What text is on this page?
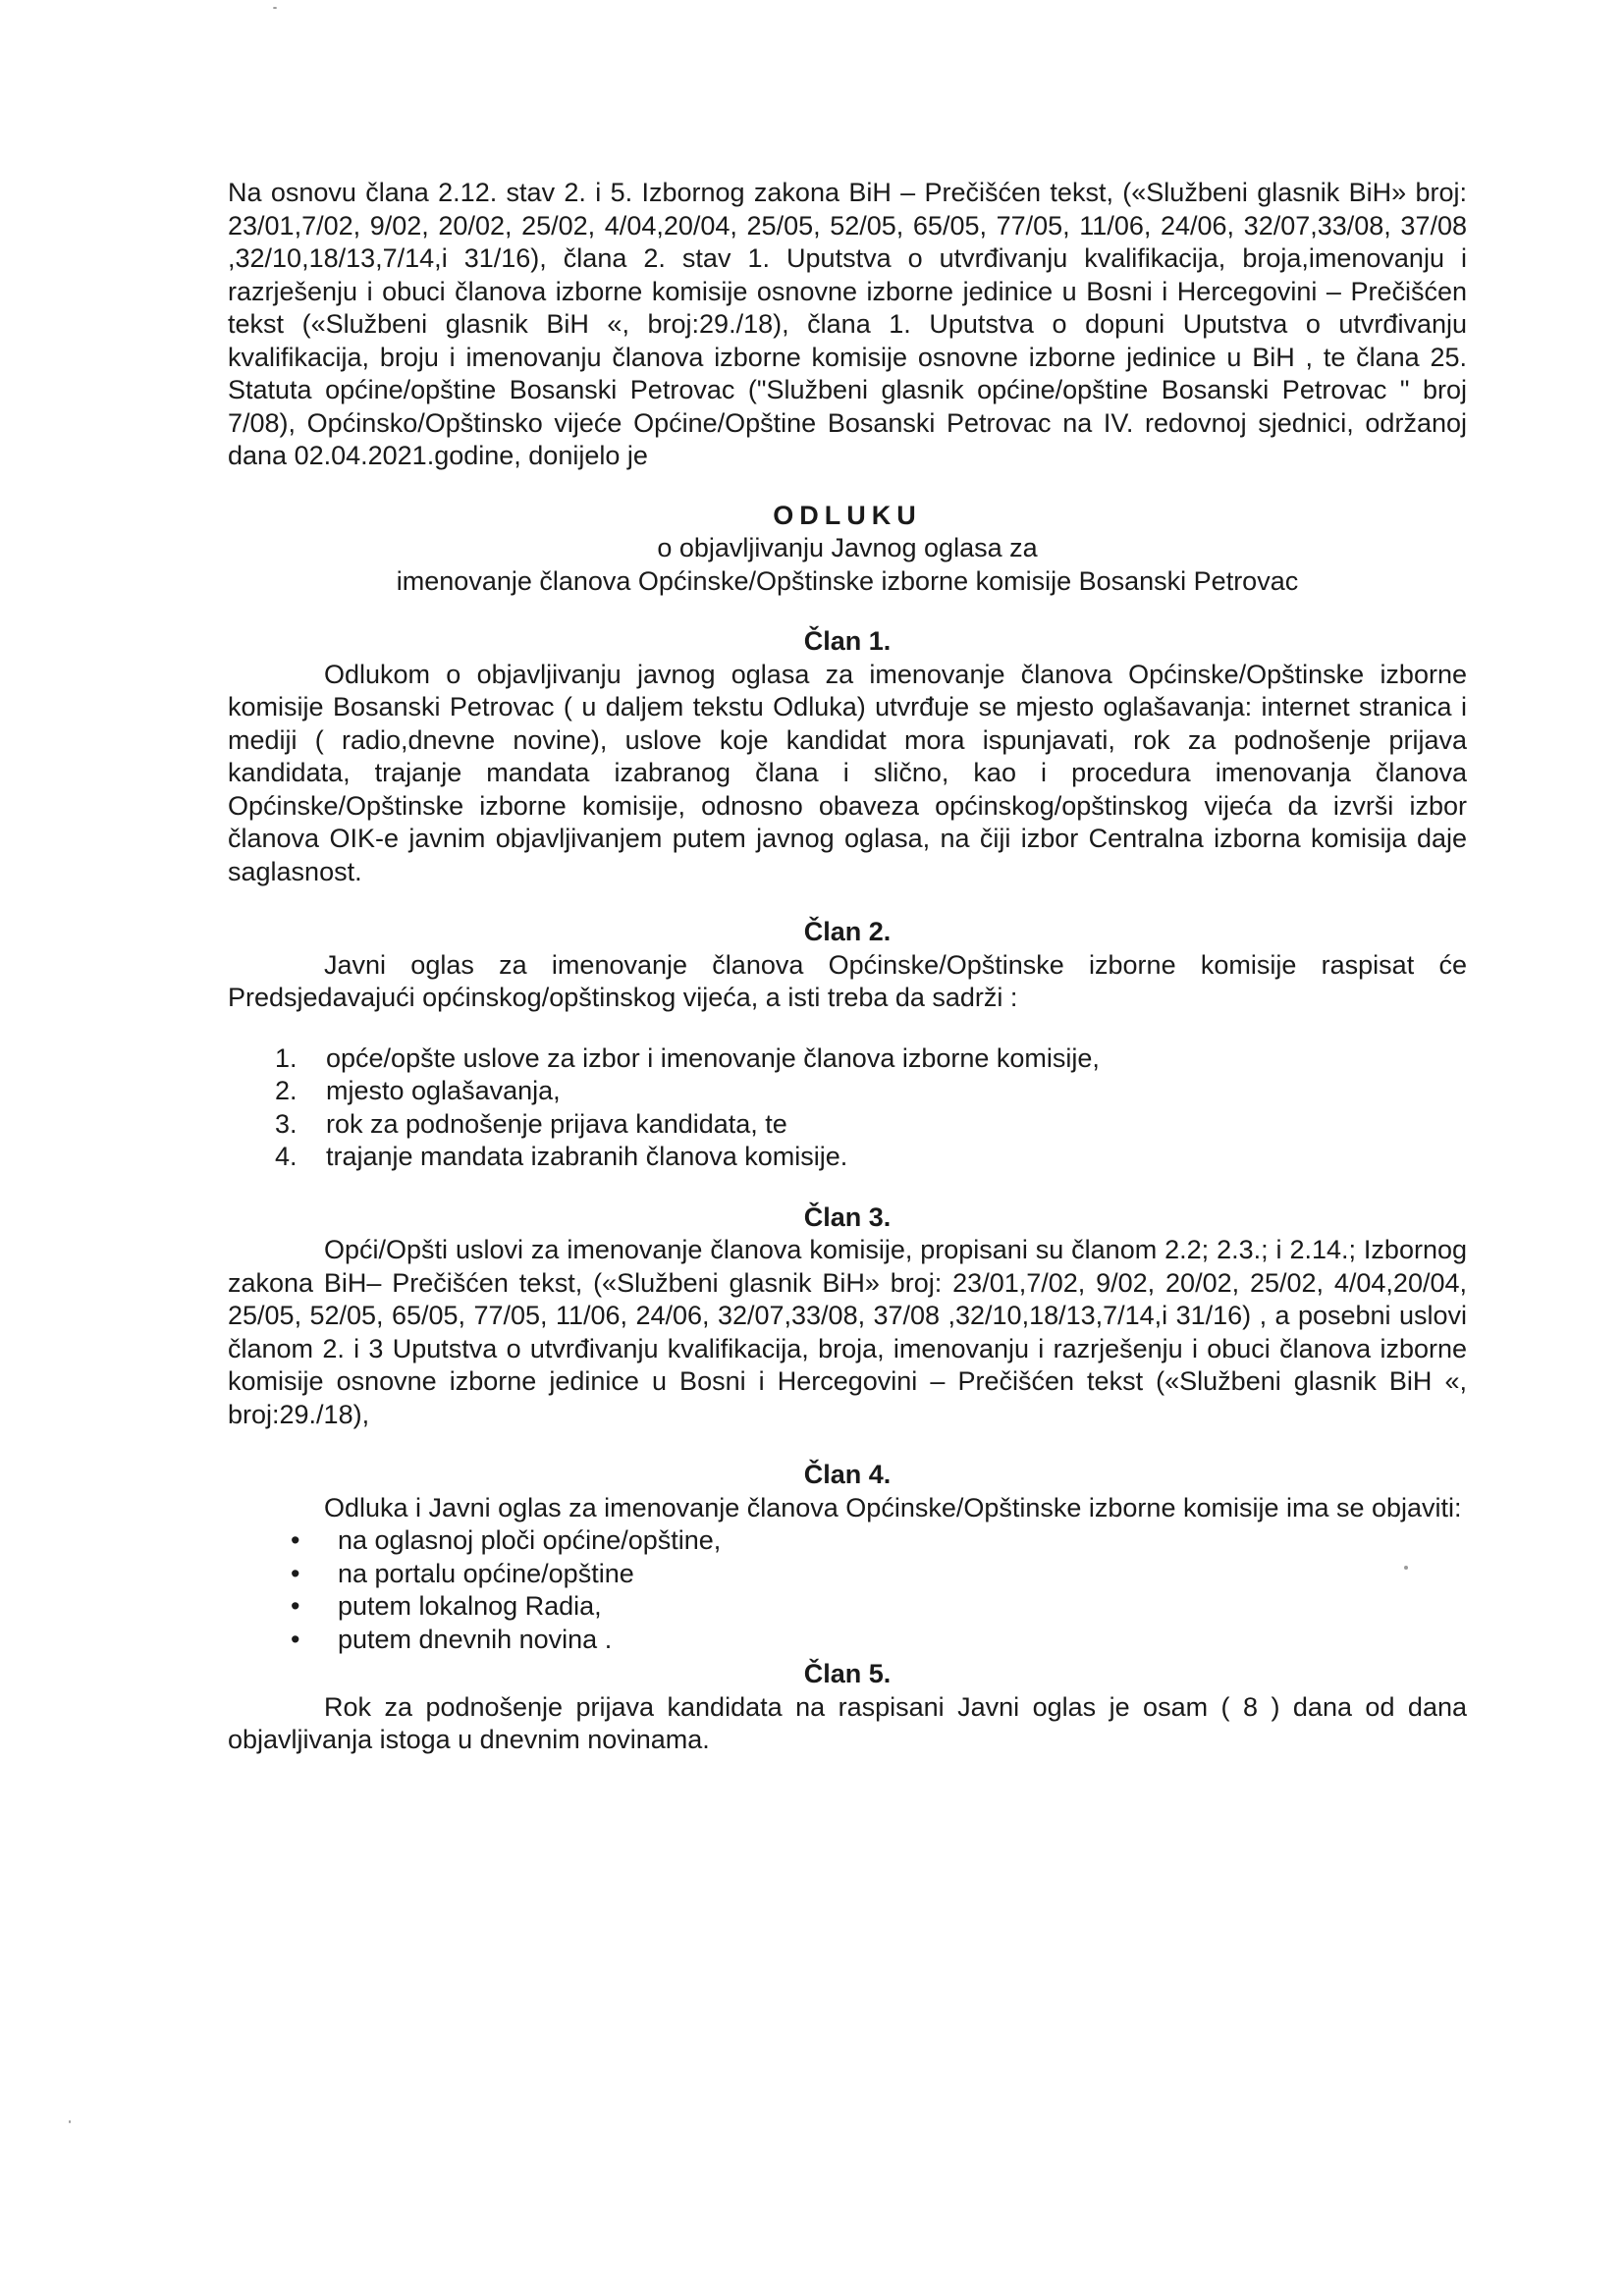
Na osnovu člana 2.12. stav 2. i 5. Izbornog zakona BiH – Prečišćen tekst, («Službeni glasnik BiH» broj: 23/01,7/02, 9/02, 20/02, 25/02, 4/04,20/04, 25/05, 52/05, 65/05, 77/05, 11/06, 24/06, 32/07,33/08, 37/08 ,32/10,18/13,7/14,i 31/16), člana 2. stav 1. Uputstva o utvrđivanju kvalifikacija, broja,imenovanju i razrješenju i obuci članova izborne komisije osnovne izborne jedinice u Bosni i Hercegovini – Prečišćen tekst («Službeni glasnik BiH «, broj:29./18), člana 1. Uputstva o dopuni Uputstva o utvrđivanju kvalifikacija, broju i imenovanju članova izborne komisije osnovne izborne jedinice u BiH , te člana 25. Statuta općine/opštine Bosanski Petrovac ("Službeni glasnik općine/opštine Bosanski Petrovac " broj 7/08), Općinsko/Opštinsko vijeće Općine/Opštine Bosanski Petrovac na IV. redovnoj sjednici, održanoj dana 02.04.2021.godine, donijelo je

ODLUKU
o objavljivanju Javnog oglasa za
imenovanje članova Općinske/Opštinske izborne komisije Bosanski Petrovac
Član 1.

Odlukom o objavljivanju javnog oglasa za imenovanje članova Općinske/Opštinske izborne komisije Bosanski Petrovac ( u daljem tekstu Odluka) utvrđuje se mjesto oglašavanja: internet stranica i mediji ( radio,dnevne novine), uslove koje kandidat mora ispunjavati, rok za podnošenje prijava kandidata, trajanje mandata izabranog člana i slično, kao i procedura imenovanja članova Općinske/Opštinske izborne komisije, odnosno obaveza općinskog/opštinskog vijeća da izvrši izbor članova OIK-e javnim objavljivanjem putem javnog oglasa, na čiji izbor Centralna izborna komisija daje saglasnost.

Član 2.

Javni oglas za imenovanje članova Općinske/Opštinske izborne komisije raspisat će Predsjedavajući općinskog/opštinskog vijeća, a isti treba da sadrži :

1. opće/opšte uslove za izbor i imenovanje članova izborne komisije,
2. mjesto oglašavanja,
3. rok za podnošenje prijava kandidata, te
4. trajanje mandata izabranih članova komisije.
Član 3.

Opći/Opšti uslovi za imenovanje članova komisije, propisani su članom 2.2; 2.3.; i 2.14.; Izbornog zakona BiH– Prečišćen tekst, («Službeni glasnik BiH» broj: 23/01,7/02, 9/02, 20/02, 25/02, 4/04,20/04, 25/05, 52/05, 65/05, 77/05, 11/06, 24/06, 32/07,33/08, 37/08 ,32/10,18/13,7/14,i 31/16) , a posebni uslovi članom 2. i 3 Uputstva o utvrđivanju kvalifikacija, broja, imenovanju i razrješenju i obuci članova izborne komisije osnovne izborne jedinice u Bosni i Hercegovini – Prečišćen tekst («Službeni glasnik BiH «, broj:29./18),

Član 4.

Odluka i Javni oglas za imenovanje članova Općinske/Opštinske izborne komisije ima se objaviti:

• na oglasnoj ploči općine/opštine,
• na portalu općine/opštine
• putem lokalnog Radia,
• putem dnevnih novina .
Član 5.

Rok za podnošenje prijava kandidata na raspisani Javni oglas je osam ( 8 ) dana od dana objavljivanja istoga u dnevnim novinama.
